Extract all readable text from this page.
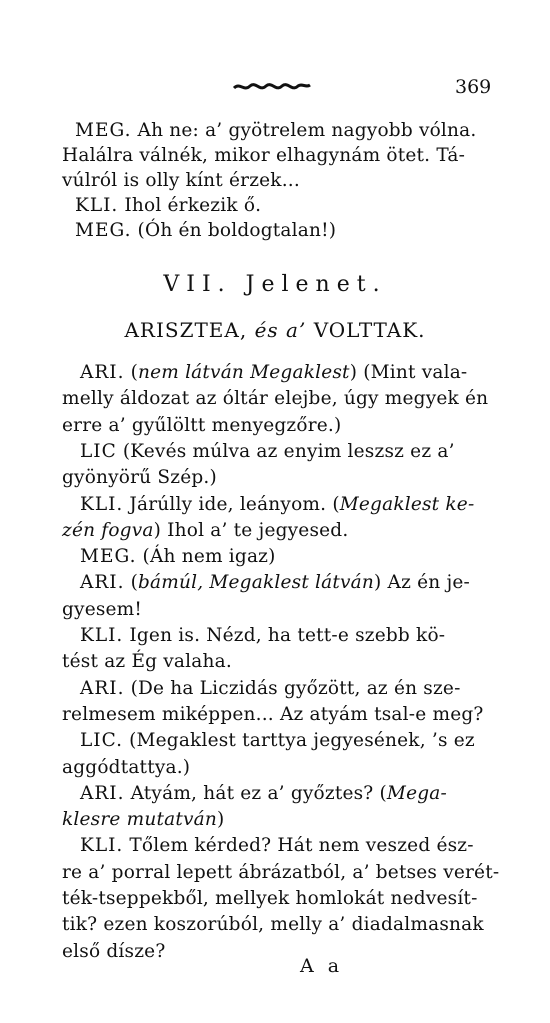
369
MEG. Ah ne: a’ gyötrelem nagyobb vólna.
Halálra válnék, mikor elhagynám ötet. Tá-
vúlról is olly kínt érzek...
KLI. Ihol érkezik ő.
MEG. (Óh én boldogtalan!)
VII. Jelenet.
ARISZTEA, és a’ VOLTTAK.
ARI. (nem látván Megaklest) (Mint vala-
melly áldozat az óltár elejbe, úgy megyek én
erre a’ gyűlöltt menyegzőre.)
LIC (Kevés múlva az enyim leszsz ez a’
gyönyörű Szép.)
KLI. Járúlly ide, leányom. (Megaklest ke-
zén fogva) Ihol a’ te jegyesed.
MEG. (Áh nem igaz)
ARI. (bámúl, Megaklest látván) Az én je-
gyesem!
KLI. Igen is. Nézd, ha tett-e szebb kö-
tést az Ég valaha.
ARI. (De ha Liczidás győzött, az én sze-
relmesem miképpen... Az atyám tsal-e meg?
LIC. (Megaklest tarttya jegyesének, ’s ez
aggódtattya.)
ARI. Atyám, hát ez a’ győztes? (Mega-
klesre mutatván)
KLI. Tőlem kérded? Hát nem veszed ész-
re a’ porral lepett ábrázatból, a’ betses verét-
ték-tseppekből, mellyek homlokát nedvesít-
tik? ezen koszorúból, melly a’ diadalmasnak
első dísze?
A a
